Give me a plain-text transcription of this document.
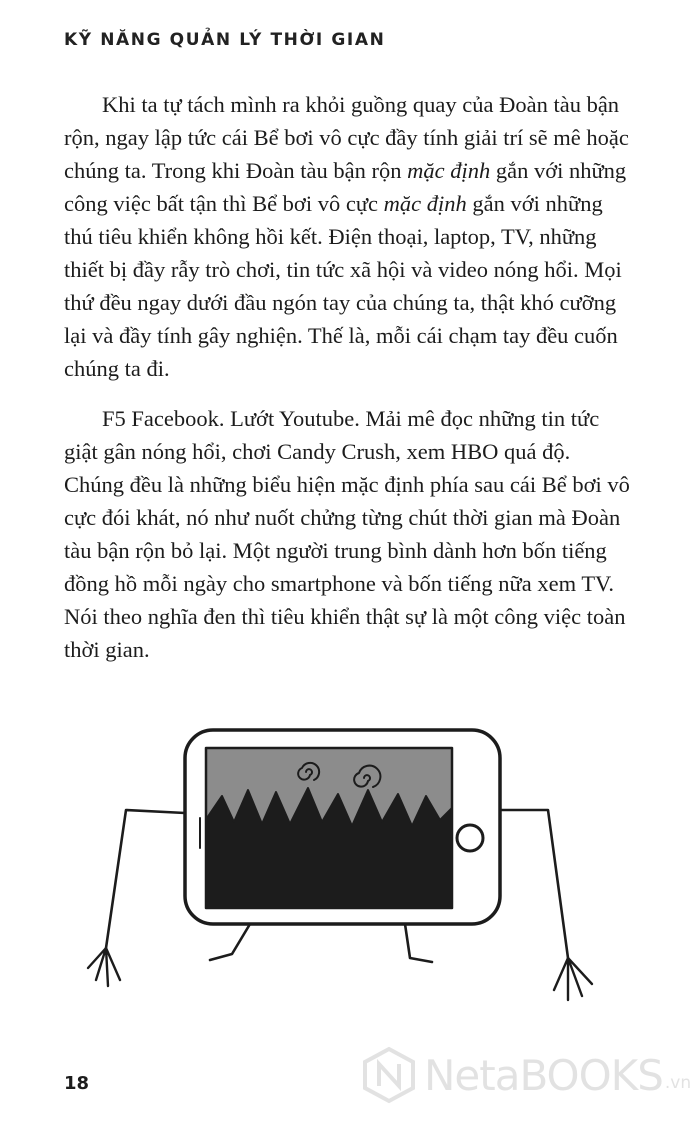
KỸ NĂNG QUẢN LÝ THỜI GIAN

Khi ta tự tách mình ra khỏi guồng quay của Đoàn tàu bận rộn, ngay lập tức cái Bể bơi vô cực đầy tính giải trí sẽ mê hoặc chúng ta. Trong khi Đoàn tàu bận rộn mặc định gắn với những công việc bất tận thì Bể bơi vô cực mặc định gắn với những thú tiêu khiển không hồi kết. Điện thoại, laptop, TV, những thiết bị đầy rẫy trò chơi, tin tức xã hội và video nóng hổi. Mọi thứ đều ngay dưới đầu ngón tay của chúng ta, thật khó cưỡng lại và đầy tính gây nghiện. Thế là, mỗi cái chạm tay đều cuốn chúng ta đi.

F5 Facebook. Lướt Youtube. Mải mê đọc những tin tức giật gân nóng hổi, chơi Candy Crush, xem HBO quá độ. Chúng đều là những biểu hiện mặc định phía sau cái Bể bơi vô cực đói khát, nó như nuốt chửng từng chút thời gian mà Đoàn tàu bận rộn bỏ lại. Một người trung bình dành hơn bốn tiếng đồng hồ mỗi ngày cho smartphone và bốn tiếng nữa xem TV. Nói theo nghĩa đen thì tiêu khiển thật sự là một công việc toàn thời gian.

18	NetaBOOKS .vn
